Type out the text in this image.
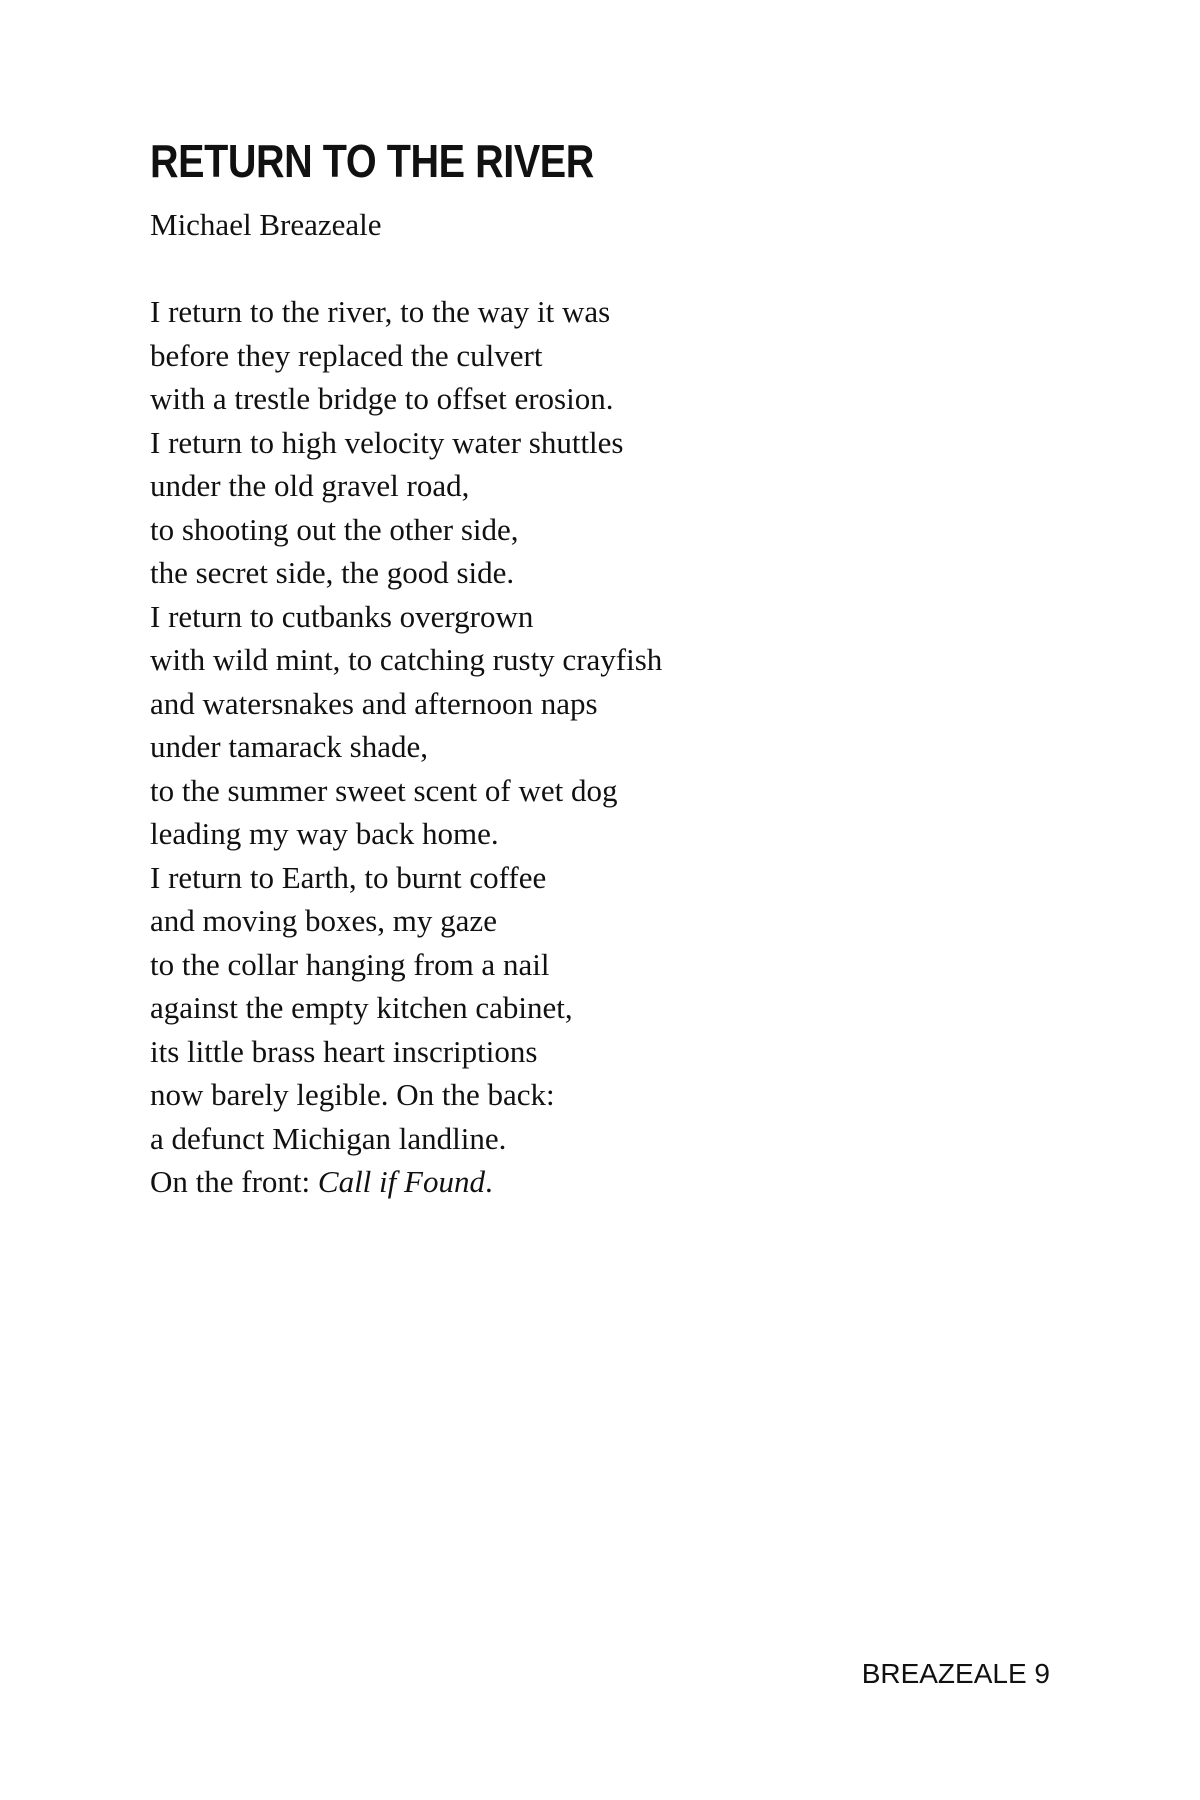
RETURN TO THE RIVER

Michael Breazeale

I return to the river, to the way it was
before they replaced the culvert
with a trestle bridge to offset erosion.
I return to high velocity water shuttles
under the old gravel road,
to shooting out the other side,
the secret side, the good side.
I return to cutbanks overgrown
with wild mint, to catching rusty crayfish
and watersnakes and afternoon naps
under tamarack shade,
to the summer sweet scent of wet dog
leading my way back home.
I return to Earth, to burnt coffee
and moving boxes, my gaze
to the collar hanging from a nail
against the empty kitchen cabinet,
its little brass heart inscriptions
now barely legible. On the back:
a defunct Michigan landline.
On the front: Call if Found.

BREAZEALE 9
